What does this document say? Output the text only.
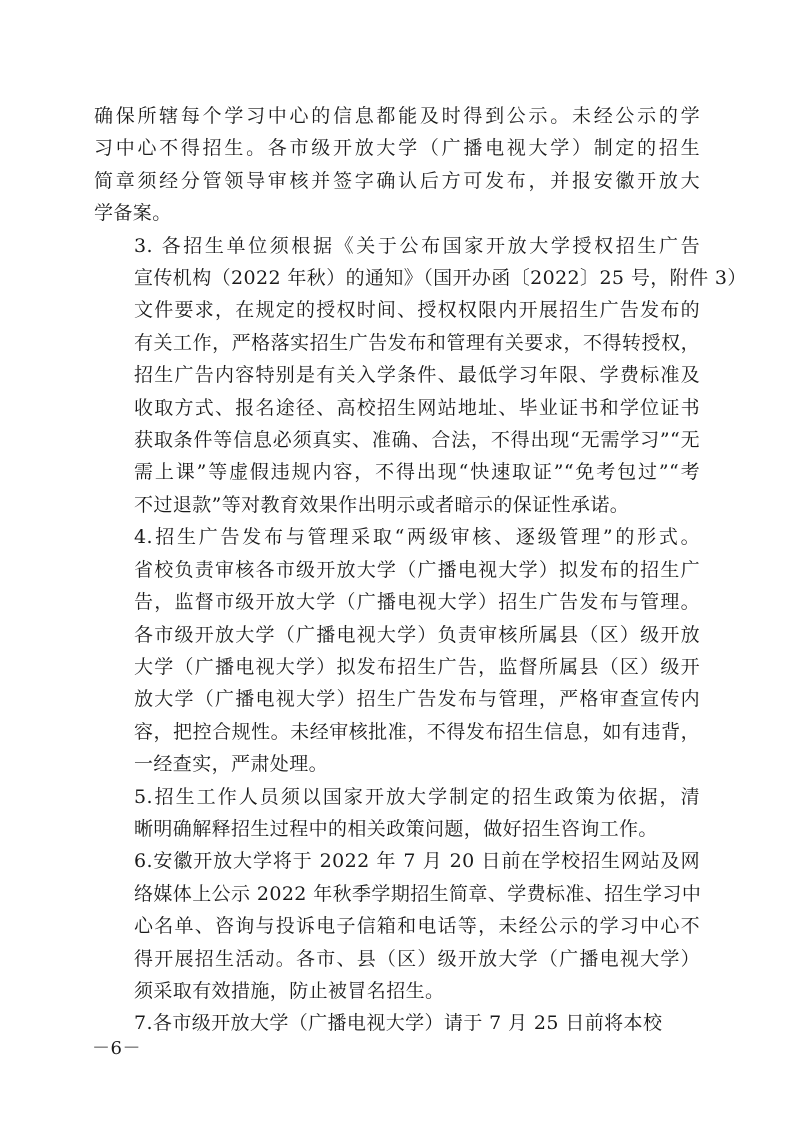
确保所辖每个学习中心的信息都能及时得到公示。未经公示的学
习中心不得招生。各市级开放大学（广播电视大学）制定的招生
简章须经分管领导审核并签字确认后方可发布，并报安徽开放大
学备案。

3. 各招生单位须根据《关于公布国家开放大学授权招生广告
宣传机构（2022 年秋）的通知》（国开办函〔2022〕25 号，附件 3）
文件要求，在规定的授权时间、授权权限内开展招生广告发布的
有关工作，严格落实招生广告发布和管理有关要求，不得转授权，
招生广告内容特别是有关入学条件、最低学习年限、学费标准及
收取方式、报名途径、高校招生网站地址、毕业证书和学位证书
获取条件等信息必须真实、准确、合法，不得出现“无需学习”“无
需上课”等虚假违规内容，不得出现“快速取证”“免考包过”“考
不过退款”等对教育效果作出明示或者暗示的保证性承诺。

4.招生广告发布与管理采取“两级审核、逐级管理”的形式。
省校负责审核各市级开放大学（广播电视大学）拟发布的招生广
告，监督市级开放大学（广播电视大学）招生广告发布与管理。
各市级开放大学（广播电视大学）负责审核所属县（区）级开放
大学（广播电视大学）拟发布招生广告，监督所属县（区）级开
放大学（广播电视大学）招生广告发布与管理，严格审查宣传内
容，把控合规性。未经审核批准，不得发布招生信息，如有违背，
一经查实，严肃处理。

5.招生工作人员须以国家开放大学制定的招生政策为依据，清
晰明确解释招生过程中的相关政策问题，做好招生咨询工作。

6.安徽开放大学将于 2022 年 7 月 20 日前在学校招生网站及网
络媒体上公示 2022 年秋季学期招生简章、学费标准、招生学习中
心名单、咨询与投诉电子信箱和电话等，未经公示的学习中心不
得开展招生活动。各市、县（区）级开放大学（广播电视大学）
须采取有效措施，防止被冒名招生。

7.各市级开放大学（广播电视大学）请于 7 月 25 日前将本校

－6－
